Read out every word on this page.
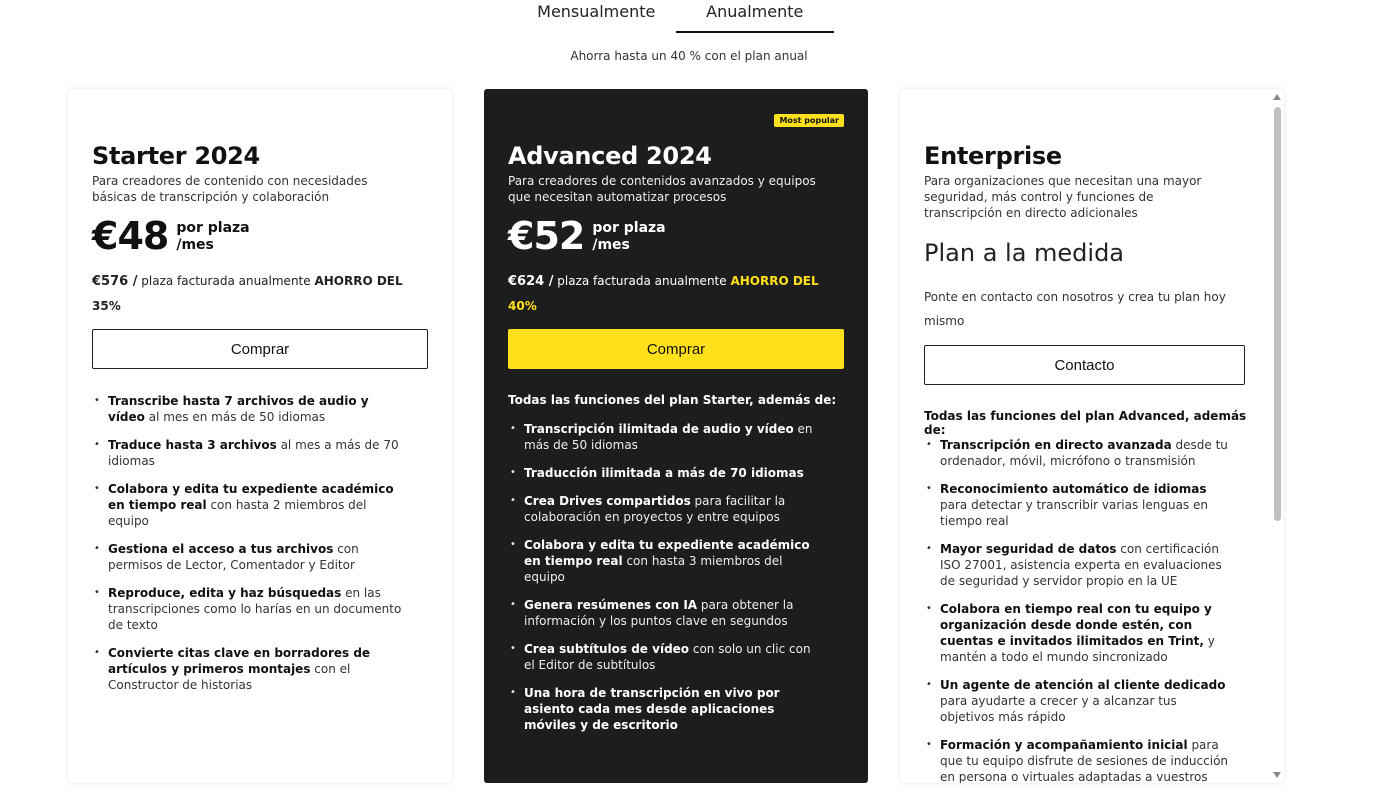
Mensualmente	Anualmente
Ahorra hasta un 40 % con el plan anual
Starter 2024
Para creadores de contenido con necesidades básicas de transcripción y colaboración
€48 por plaza
/mes
€576 / plaza facturada anualmente AHORRO DEL 35%
Comprar
• Transcribe hasta 7 archivos de audio y vídeo al mes en más de 50 idiomas
• Traduce hasta 3 archivos al mes a más de 70 idiomas
• Colabora y edita tu expediente académico en tiempo real con hasta 2 miembros del equipo
• Gestiona el acceso a tus archivos con permisos de Lector, Comentador y Editor
• Reproduce, edita y haz búsquedas en las transcripciones como lo harías en un documento de texto
• Convierte citas clave en borradores de artículos y primeros montajes con el Constructor de historias
Most popular
Advanced 2024
Para creadores de contenidos avanzados y equipos que necesitan automatizar procesos
€52 por plaza
/mes
€624 / plaza facturada anualmente AHORRO DEL 40%
Comprar
Todas las funciones del plan Starter, además de:
• Transcripción ilimitada de audio y vídeo en más de 50 idiomas
• Traducción ilimitada a más de 70 idiomas
• Crea Drives compartidos para facilitar la colaboración en proyectos y entre equipos
• Colabora y edita tu expediente académico en tiempo real con hasta 3 miembros del equipo
• Genera resúmenes con IA para obtener la información y los puntos clave en segundos
• Crea subtítulos de vídeo con solo un clic con el Editor de subtítulos
• Una hora de transcripción en vivo por asiento cada mes desde aplicaciones móviles y de escritorio
Enterprise
Para organizaciones que necesitan una mayor seguridad, más control y funciones de transcripción en directo adicionales
Plan a la medida
Ponte en contacto con nosotros y crea tu plan hoy mismo
Contacto
Todas las funciones del plan Advanced, además de:
• Transcripción en directo avanzada desde tu ordenador, móvil, micrófono o transmisión
• Reconocimiento automático de idiomas para detectar y transcribir varias lenguas en tiempo real
• Mayor seguridad de datos con certificación ISO 27001, asistencia experta en evaluaciones de seguridad y servidor propio en la UE
• Colabora en tiempo real con tu equipo y organización desde donde estén, con cuentas e invitados ilimitados en Trint, y mantén a todo el mundo sincronizado
• Un agente de atención al cliente dedicado para ayudarte a crecer y a alcanzar tus objetivos más rápido
• Formación y acompañamiento inicial para que tu equipo disfrute de sesiones de inducción en persona o virtuales adaptadas a vuestros
